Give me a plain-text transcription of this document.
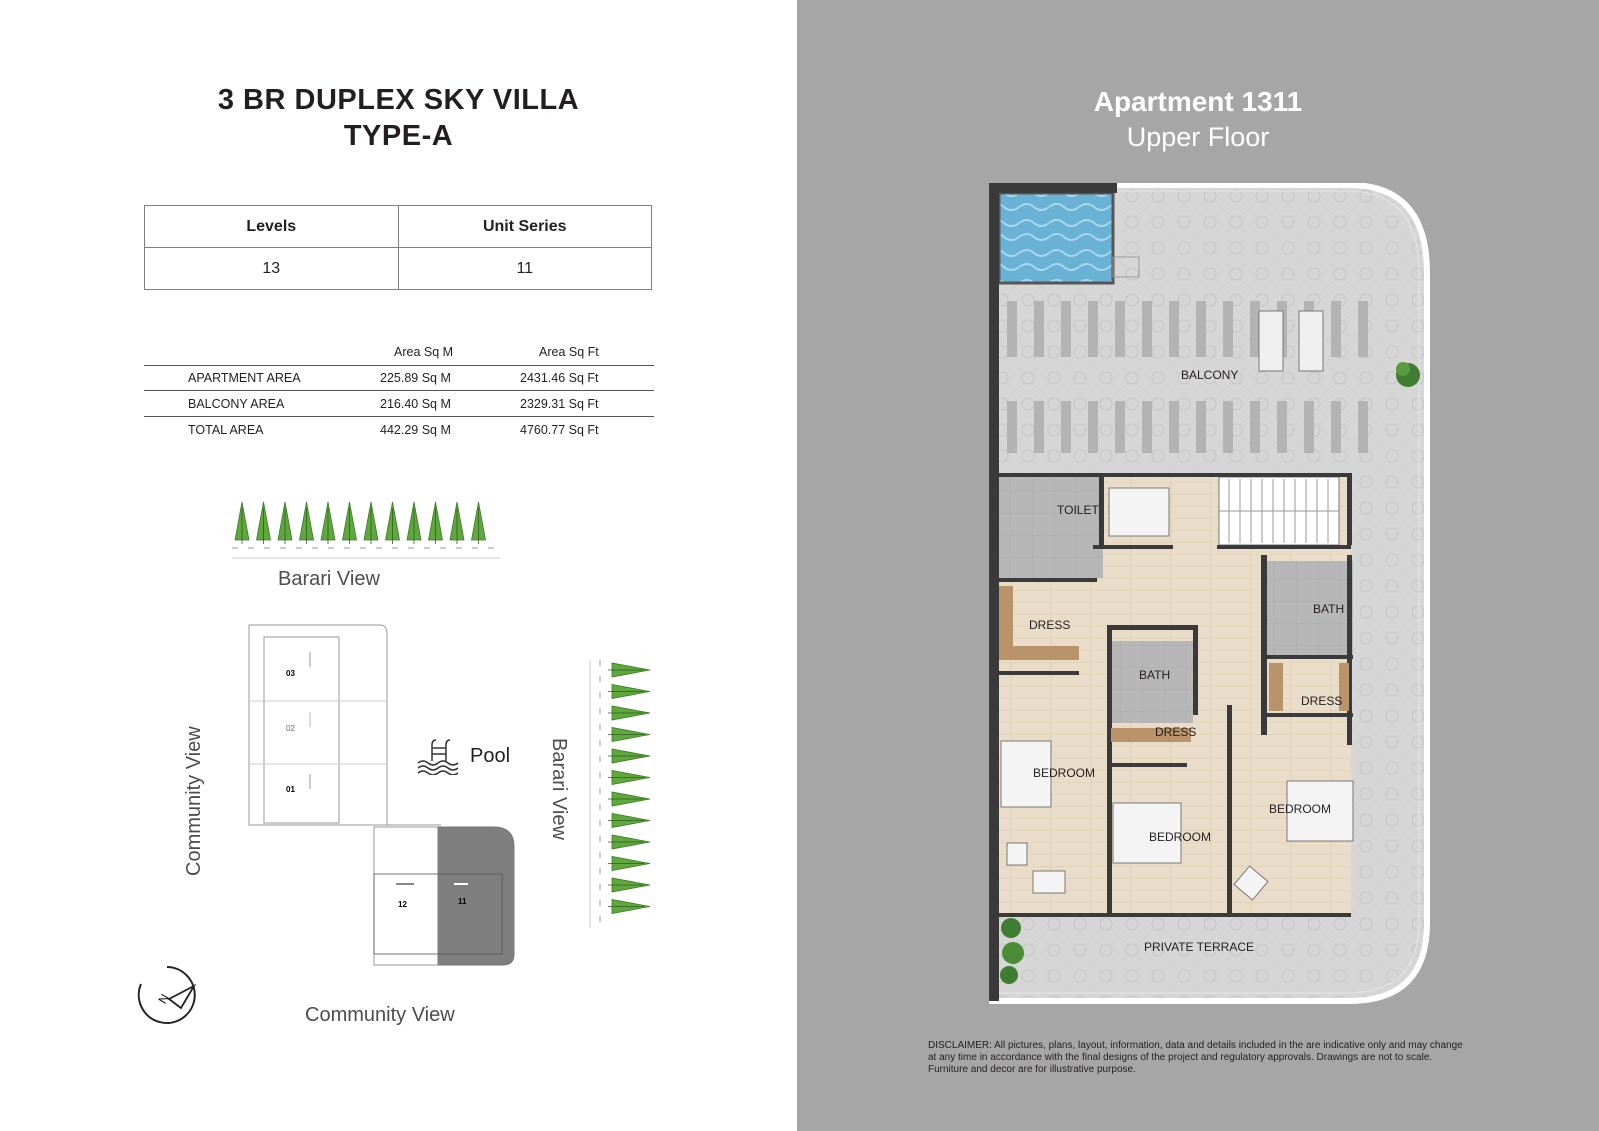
3 BR DUPLEX SKY VILLA
TYPE-A
Levels	Unit Series
13	11
Area Sq M	Area Sq Ft
APARTMENT AREA	225.89 Sq M	2431.46 Sq Ft
BALCONY AREA	216.40 Sq M	2329.31 Sq Ft
TOTAL AREA	442.29 Sq M	4760.77 Sq Ft
Barari View
Barari View
Community View
Community View
03
02
01
12	11
Pool
N
Apartment 1311
Upper Floor
DISCLAIMER: All pictures, plans, layout, information, data and details included in the are indicative only and may change at any time in accordance with the final designs of the project and regulatory approvals. Drawings are not to scale. Furniture and decor are for illustrative purpose.
BALCONY
TOILET
DRESS
BATH
BATH
DRESS
DRESS
BEDROOM
BEDROOM
BEDROOM
PRIVATE TERRACE
